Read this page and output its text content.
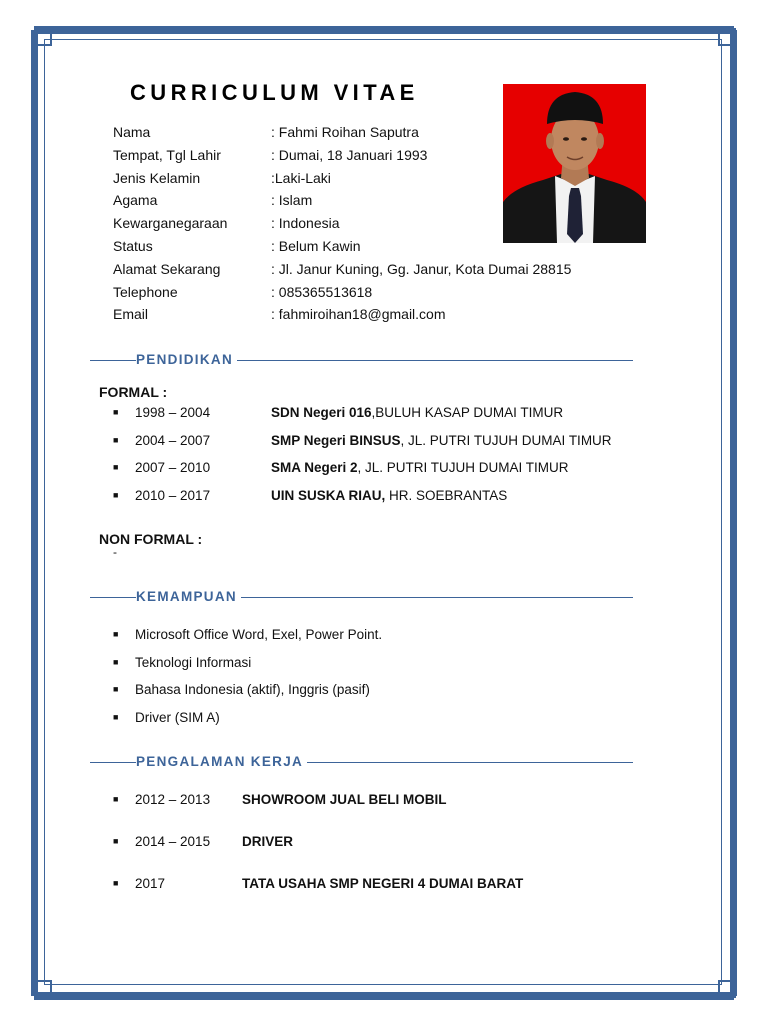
CURRICULUM VITAE
Nama	: Fahmi Roihan Saputra
Tempat, Tgl Lahir	: Dumai, 18 Januari 1993
Jenis Kelamin	:Laki-Laki
Agama	: Islam
Kewarganegaraan	: Indonesia
Status	: Belum Kawin
Alamat Sekarang	: Jl. Janur Kuning, Gg. Janur, Kota Dumai 28815
Telephone	: 085365513618
Email	: fahmiroihan18@gmail.com
PENDIDIKAN
FORMAL :
■ 1998 – 2004	SDN Negeri 016,BULUH KASAP DUMAI TIMUR
■ 2004 – 2007	SMP Negeri BINSUS, JL. PUTRI TUJUH DUMAI TIMUR
■ 2007 – 2010	SMA Negeri 2, JL. PUTRI TUJUH DUMAI TIMUR
■ 2010 – 2017	UIN SUSKA RIAU, HR. SOEBRANTAS
NON FORMAL :
-
KEMAMPUAN
■ Microsoft Office Word, Exel, Power Point.
■ Teknologi Informasi
■ Bahasa Indonesia (aktif), Inggris (pasif)
■ Driver (SIM A)
PENGALAMAN KERJA
■ 2012 – 2013 SHOWROOM JUAL BELI MOBIL
■ 2014 – 2015 DRIVER
■ 2017	TATA USAHA SMP NEGERI 4 DUMAI BARAT
